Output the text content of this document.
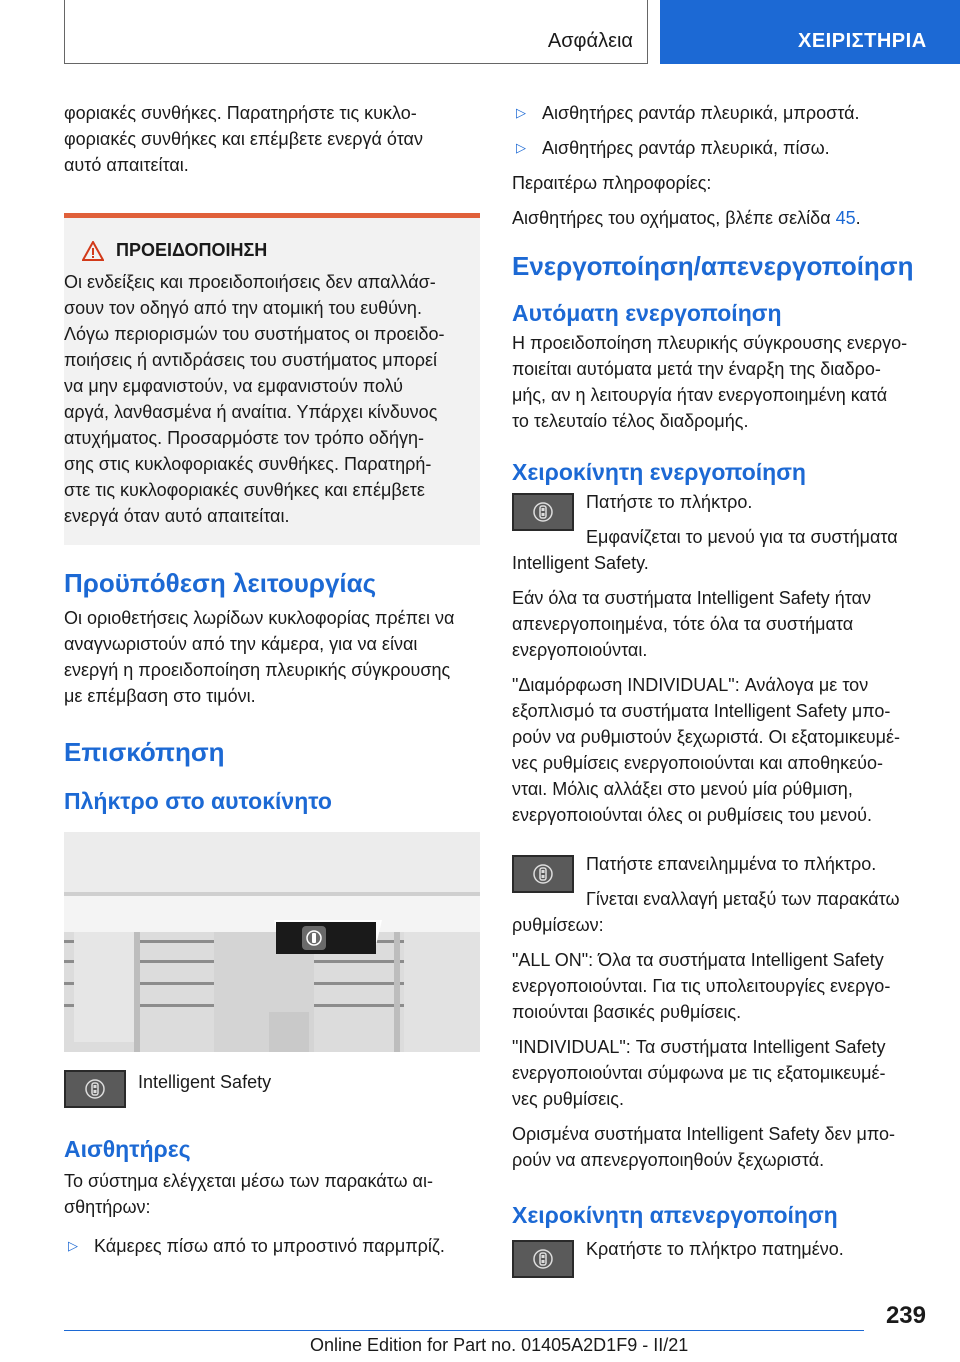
Ασφάλεια	ΧΕΙΡΙΣΤΗΡΙΑ

φοριακές συνθήκες. Παρατηρήστε τις κυκλο-
φοριακές συνθήκες και επέμβετε ενεργά όταν
αυτό απαιτείται.

ΠΡΟΕΙΔΟΠΟΙΗΣΗ

Οι ενδείξεις και προειδοποιήσεις δεν απαλλάσ-
σουν τον οδηγό από την ατομική του ευθύνη.
Λόγω περιορισμών του συστήματος οι προειδο-
ποιήσεις ή αντιδράσεις του συστήματος μπορεί
να μην εμφανιστούν, να εμφανιστούν πολύ
αργά, λανθασμένα ή αναίτια. Υπάρχει κίνδυνος
ατυχήματος. Προσαρμόστε τον τρόπο οδήγη-
σης στις κυκλοφοριακές συνθήκες. Παρατηρή-
στε τις κυκλοφοριακές συνθήκες και επέμβετε
ενεργά όταν αυτό απαιτείται.

Προϋπόθεση λειτουργίας

Οι οριοθετήσεις λωρίδων κυκλοφορίας πρέπει να
αναγνωριστούν από την κάμερα, για να είναι
ενεργή η προειδοποίηση πλευρικής σύγκρουσης
με επέμβαση στο τιμόνι.

Επισκόπηση
Πλήκτρο στο αυτοκίνητο

Intelligent Safety

Αισθητήρες

Το σύστημα ελέγχεται μέσω των παρακάτω αι-
σθητήρων:

▷ Κάμερες πίσω από το μπροστινό παρμπρίζ.
▷ Αισθητήρες ραντάρ πλευρικά, μπροστά.
▷ Αισθητήρες ραντάρ πλευρικά, πίσω.

Περαιτέρω πληροφορίες:

Αισθητήρες του οχήματος, βλέπε σελίδα 45.

Ενεργοποίηση/απενεργοποίηση
Αυτόματη ενεργοποίηση

Η προειδοποίηση πλευρικής σύγκρουσης ενεργο-
ποιείται αυτόματα μετά την έναρξη της διαδρο-
μής, αν η λειτουργία ήταν ενεργοποιημένη κατά
το τελευταίο τέλος διαδρομής.

Χειροκίνητη ενεργοποίηση

Πατήστε το πλήκτρο.

Εμφανίζεται το μενού για τα συστήματα

Intelligent Safety.

Εάν όλα τα συστήματα Intelligent Safety ήταν
απενεργοποιημένα, τότε όλα τα συστήματα
ενεργοποιούνται.

"Διαμόρφωση INDIVIDUAL": Ανάλογα με τον
εξοπλισμό τα συστήματα Intelligent Safety μπο-
ρούν να ρυθμιστούν ξεχωριστά. Οι εξατομικευμέ-
νες ρυθμίσεις ενεργοποιούνται και αποθηκεύο-
νται. Μόλις αλλάξει στο μενού μία ρύθμιση,
ενεργοποιούνται όλες οι ρυθμίσεις του μενού.

Πατήστε επανειλημμένα το πλήκτρο.

Γίνεται εναλλαγή μεταξύ των παρακάτω

ρυθμίσεων:

"ALL ON": Όλα τα συστήματα Intelligent Safety
ενεργοποιούνται. Για τις υπολειτουργίες ενεργο-
ποιούνται βασικές ρυθμίσεις.

"INDIVIDUAL": Τα συστήματα Intelligent Safety
ενεργοποιούνται σύμφωνα με τις εξατομικευμέ-
νες ρυθμίσεις.

Ορισμένα συστήματα Intelligent Safety δεν μπο-
ρούν να απενεργοποιηθούν ξεχωριστά.

Χειροκίνητη απενεργοποίηση

Κρατήστε το πλήκτρο πατημένο.

239
Online Edition for Part no. 01405A2D1F9 - II/21
